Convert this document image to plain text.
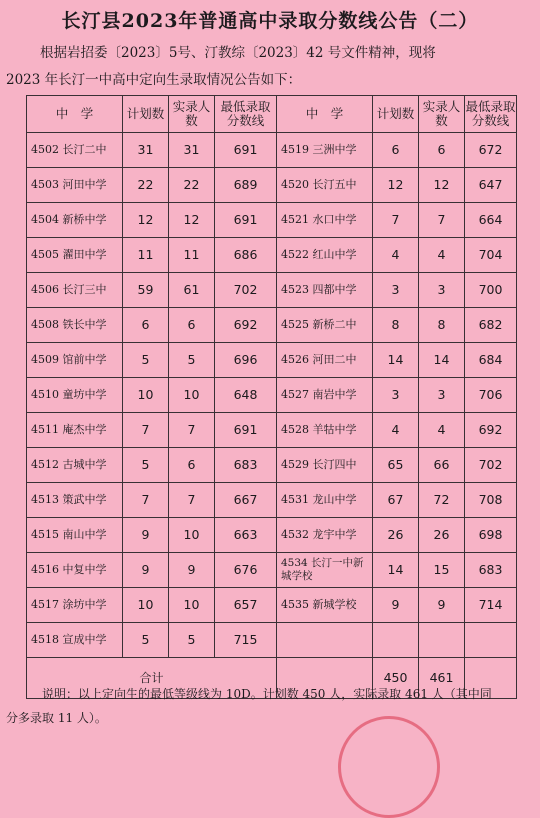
长汀县2023年普通高中录取分数线公告（二）
根据岩招委〔2023〕5号、汀教综〔2023〕42 号文件精神，现将
2023 年长汀一中高中定向生录取情况公告如下：
中　学	计划数	实录人数	最低录取分数线	中　学	计划数	实录人数	最低录取分数线
4502 长汀二中	31	31	691	4519 三洲中学	6	6	672
4503 河田中学	22	22	689	4520 长汀五中	12	12	647
4504 新桥中学	12	12	691	4521 水口中学	7	7	664
4505 濯田中学	11	11	686	4522 红山中学	4	4	704
4506 长汀三中	59	61	702	4523 四都中学	3	3	700
4508 铁长中学	6	6	692	4525 新桥二中	8	8	682
4509 馆前中学	5	5	696	4526 河田二中	14	14	684
4510 童坊中学	10	10	648	4527 南岩中学	3	3	706
4511 庵杰中学	7	7	691	4528 羊牯中学	4	4	692
4512 古城中学	5	6	683	4529 长汀四中	65	66	702
4513 策武中学	7	7	667	4531 龙山中学	67	72	708
4515 南山中学	9	10	663	4532 龙宇中学	26	26	698
4516 中复中学	9	9	676	4534 长汀一中新城学校	14	15	683
4517 涂坊中学	10	10	657	4535 新城学校	9	9	714
4518 宣成中学	5	5	715				
合计					450	461	
说明：以上定向生的最低等级线为 10D。计划数 450 人，实际录取 461 人（其中同
分多录取 11 人）。
